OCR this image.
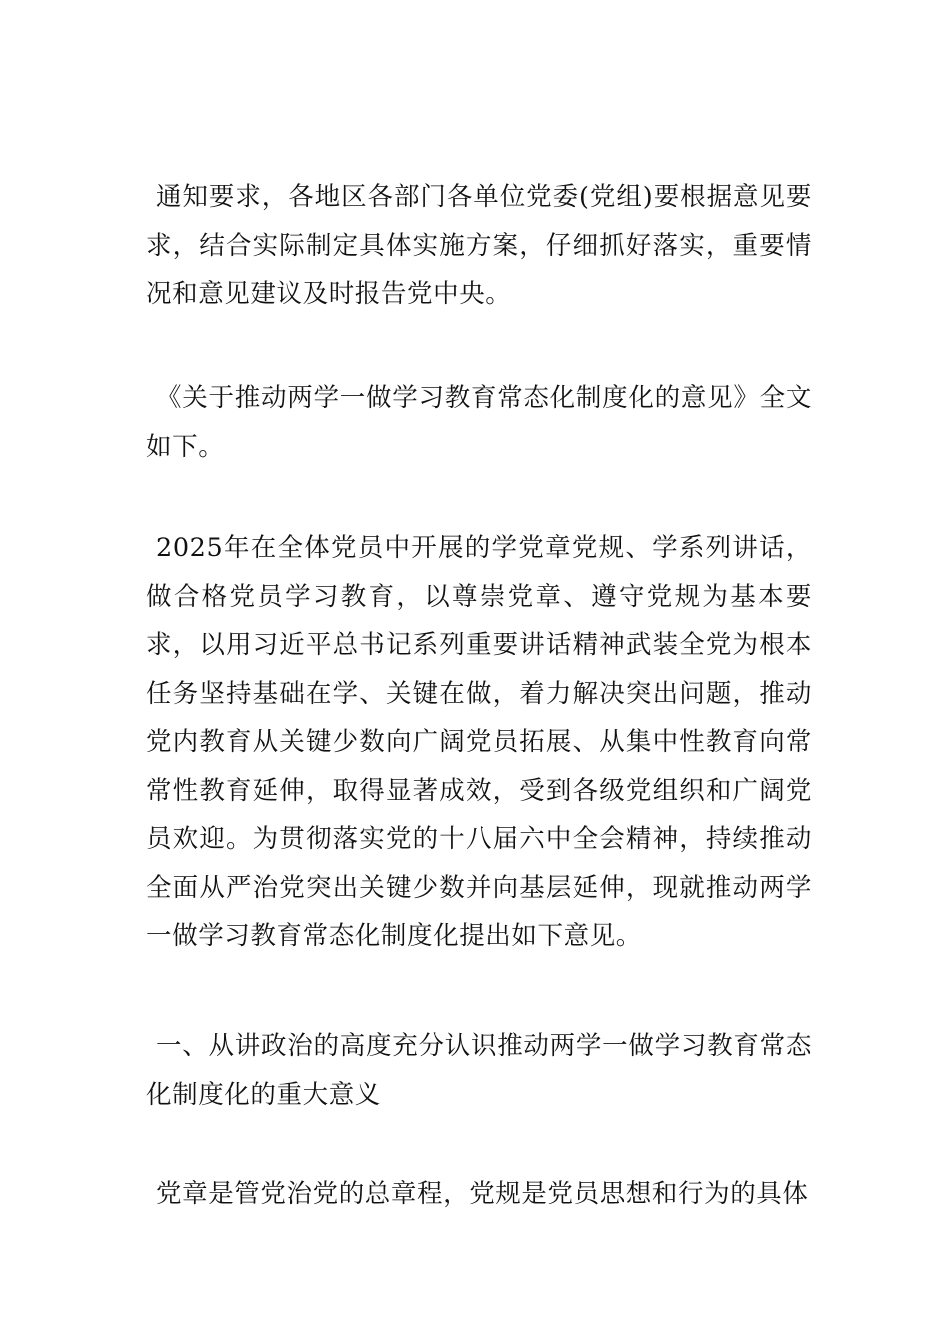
通知要求，各地区各部门各单位党委(党组)要根据意见要求，结合实际制定具体实施方案，仔细抓好落实，重要情况和意见建议及时报告党中央。

《关于推动两学一做学习教育常态化制度化的意见》全文如下。

2025年在全体党员中开展的学党章党规、学系列讲话，做合格党员学习教育，以尊崇党章、遵守党规为基本要求，以用习近平总书记系列重要讲话精神武装全党为根本任务坚持基础在学、关键在做，着力解决突出问题，推动党内教育从关键少数向广阔党员拓展、从集中性教育向常常性教育延伸，取得显著成效，受到各级党组织和广阔党员欢迎。为贯彻落实党的十八届六中全会精神，持续推动全面从严治党突出关键少数并向基层延伸，现就推动两学一做学习教育常态化制度化提出如下意见。

一、从讲政治的高度充分认识推动两学一做学习教育常态化制度化的重大意义

党章是管党治党的总章程，党规是党员思想和行为的具体
